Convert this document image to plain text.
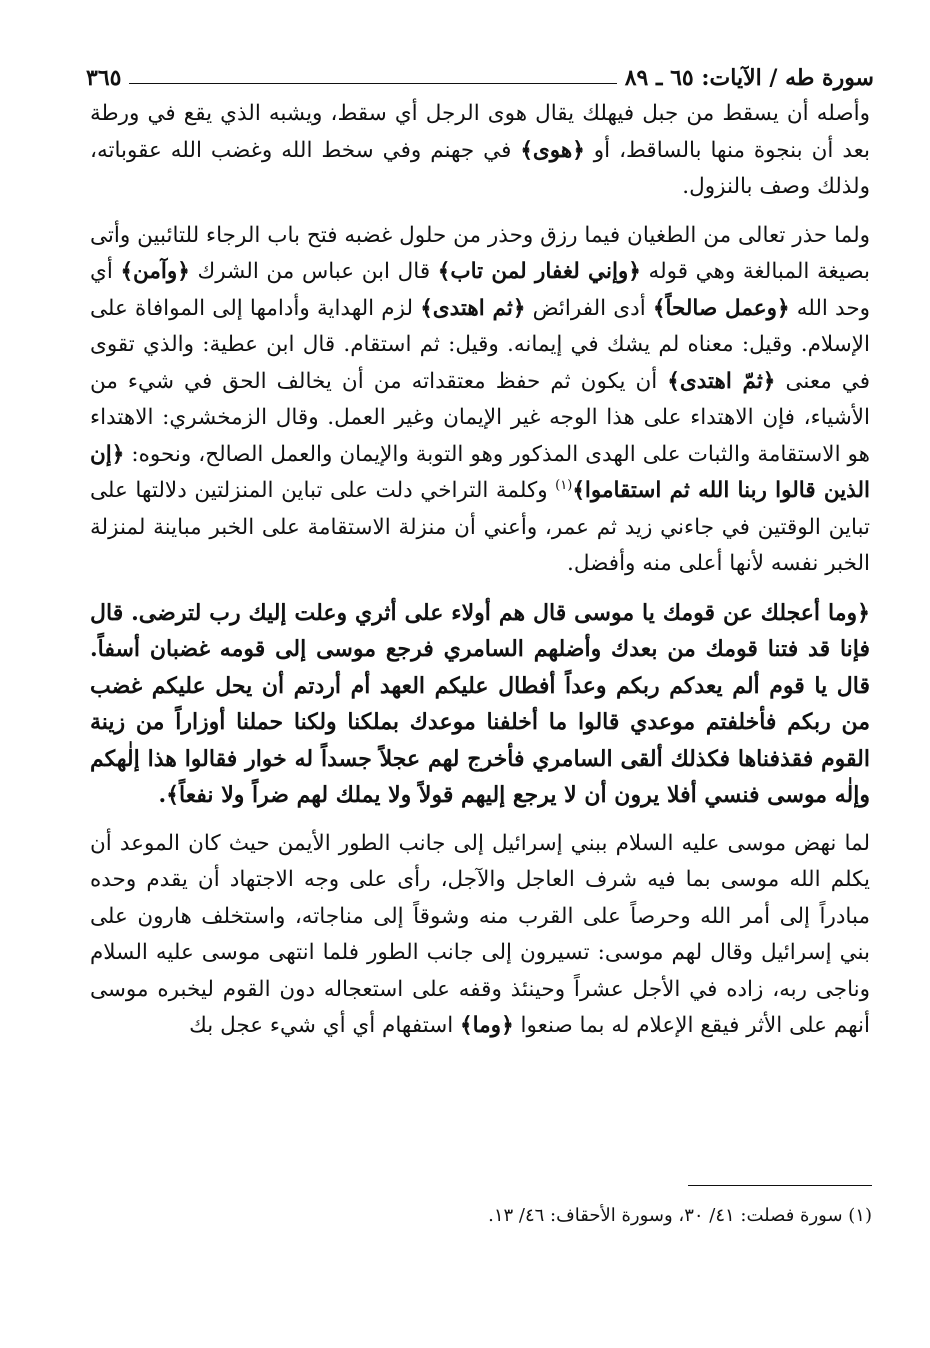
سورة طه / الآيات: ٦٥ ـ ٨٩
٣٦٥

وأصله أن يسقط من جبل فيهلك يقال هوى الرجل أي سقط، ويشبه الذي يقع في ورطة بعد أن بنجوة منها بالساقط، أو ﴿هوى﴾ في جهنم وفي سخط الله وغضب الله عقوباته، ولذلك وصف بالنزول.

ولما حذر تعالى من الطغيان فيما رزق وحذر من حلول غضبه فتح باب الرجاء للتائبين وأتى بصيغة المبالغة وهي قوله ﴿وإني لغفار لمن تاب﴾ قال ابن عباس من الشرك ﴿وآمن﴾ أي وحد الله ﴿وعمل صالحاً﴾ أدى الفرائض ﴿ثم اهتدى﴾ لزم الهداية وأدامها إلى الموافاة على الإسلام. وقيل: معناه لم يشك في إيمانه. وقيل: ثم استقام. قال ابن عطية: والذي تقوى في معنى ﴿ثمّ اهتدى﴾ أن يكون ثم حفظ معتقداته من أن يخالف الحق في شيء من الأشياء، فإن الاهتداء على هذا الوجه غير الإيمان وغير العمل. وقال الزمخشري: الاهتداء هو الاستقامة والثبات على الهدى المذكور وهو التوبة والإيمان والعمل الصالح، ونحوه: ﴿إن الذين قالوا ربنا الله ثم استقاموا﴾$^{(١)}$ وكلمة التراخي دلت على تباين المنزلتين دلالتها على تباين الوقتين في جاءني زيد ثم عمر، وأعني أن منزلة الاستقامة على الخبر مباينة لمنزلة الخبر نفسه لأنها أعلى منه وأفضل.

﴿وما أعجلك عن قومك يا موسى قال هم أولاء على أثري وعلت إليك رب لترضى. قال فإنا قد فتنا قومك من بعدك وأضلهم السامري فرجع موسى إلى قومه غضبان أسفاً. قال يا قوم ألم يعدكم ربكم وعداً أفطال عليكم العهد أم أردتم أن يحل عليكم غضب من ربكم فأخلفتم موعدي قالوا ما أخلفنا موعدك بملكنا ولكنا حملنا أوزاراً من زينة القوم فقذفناها فكذلك ألقى السامري فأخرج لهم عجلاً جسداً له خوار فقالوا هذا إلٰهكم وإلٰه موسى فنسي أفلا يرون أن لا يرجع إليهم قولاً ولا يملك لهم ضراً ولا نفعاً﴾.

لما نهض موسى عليه السلام ببني إسرائيل إلى جانب الطور الأيمن حيث كان الموعد أن يكلم الله موسى بما فيه شرف العاجل والآجل، رأى على وجه الاجتهاد أن يقدم وحده مبادراً إلى أمر الله وحرصاً على القرب منه وشوقاً إلى مناجاته، واستخلف هارون على بني إسرائيل وقال لهم موسى: تسيرون إلى جانب الطور فلما انتهى موسى عليه السلام وناجى ربه، زاده في الأجل عشراً وحينئذ وقفه على استعجاله دون القوم ليخبره موسى أنهم على الأثر فيقع الإعلام له بما صنعوا ﴿وما﴾ استفهام أي أي شيء عجل بك

(١) سورة فصلت: ٤١/ ٣٠، وسورة الأحقاف: ٤٦/ ١٣.
